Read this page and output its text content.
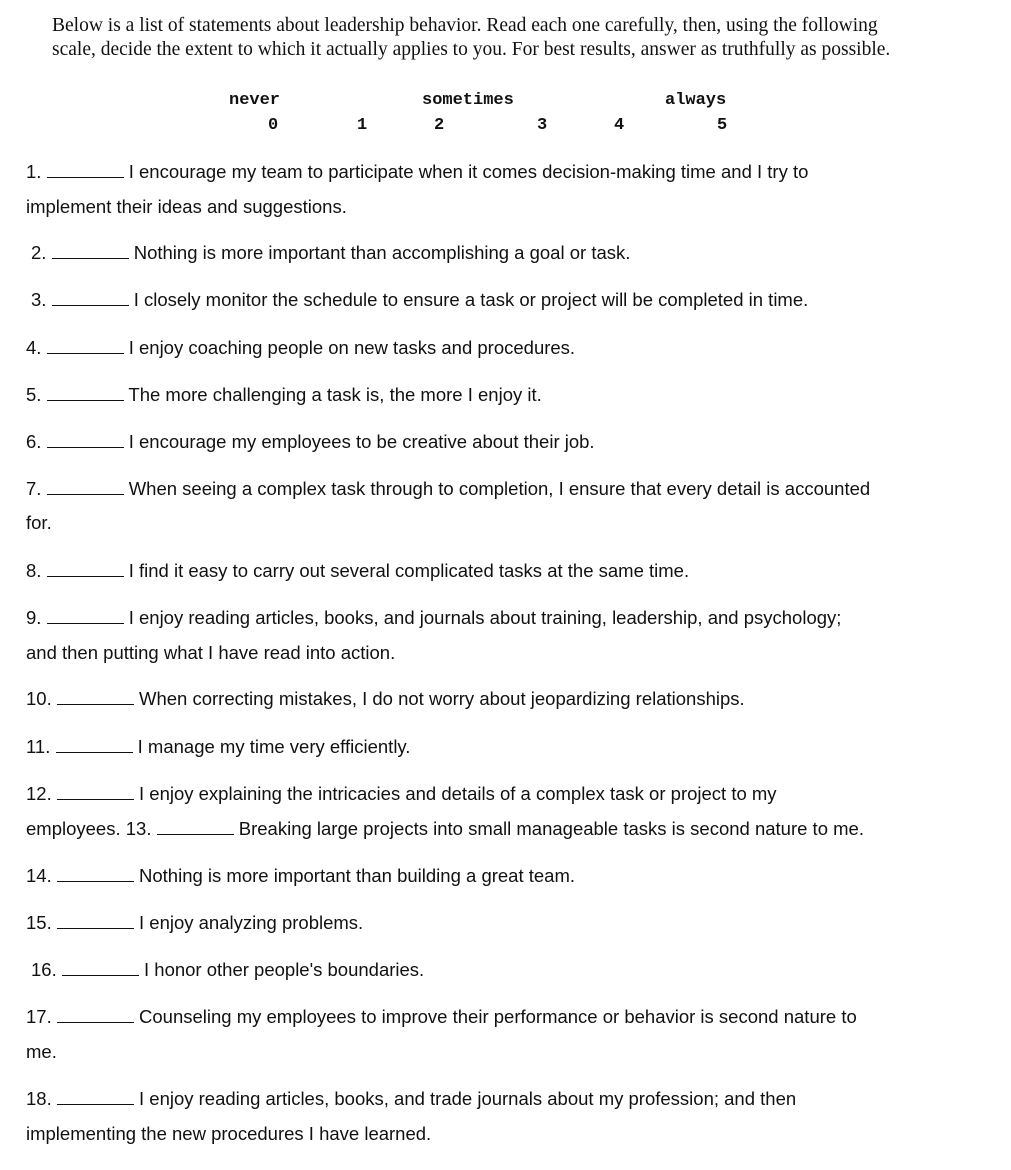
Below is a list of statements about leadership behavior. Read each one carefully, then, using the following scale, decide the extent to which it actually applies to you. For best results, answer as truthfully as possible.
never	sometimes	always
0	1	2	3	4	5
1.	I encourage my team to participate when it comes decision-making time and I try to
implement their ideas and suggestions.
2.	Nothing is more important than accomplishing a goal or task.
3.	I closely monitor the schedule to ensure a task or project will be completed in time.
4.	I enjoy coaching people on new tasks and procedures.
5.	The more challenging a task is, the more I enjoy it.
6.	I encourage my employees to be creative about their job.
7.	When seeing a complex task through to completion, I ensure that every detail is accounted
for.
8.	I find it easy to carry out several complicated tasks at the same time.
9.	I enjoy reading articles, books, and journals about training, leadership, and psychology;
and then putting what I have read into action.
10.	When correcting mistakes, I do not worry about jeopardizing relationships.
11.	I manage my time very efficiently.
12.	I enjoy explaining the intricacies and details of a complex task or project to my
employees. 13.	Breaking large projects into small manageable tasks is second nature to me.
14.	Nothing is more important than building a great team.
15.	I enjoy analyzing problems.
16.	I honor other people's boundaries.
17.	Counseling my employees to improve their performance or behavior is second nature to
me.
18.	I enjoy reading articles, books, and trade journals about my profession; and then
implementing the new procedures I have learned.
